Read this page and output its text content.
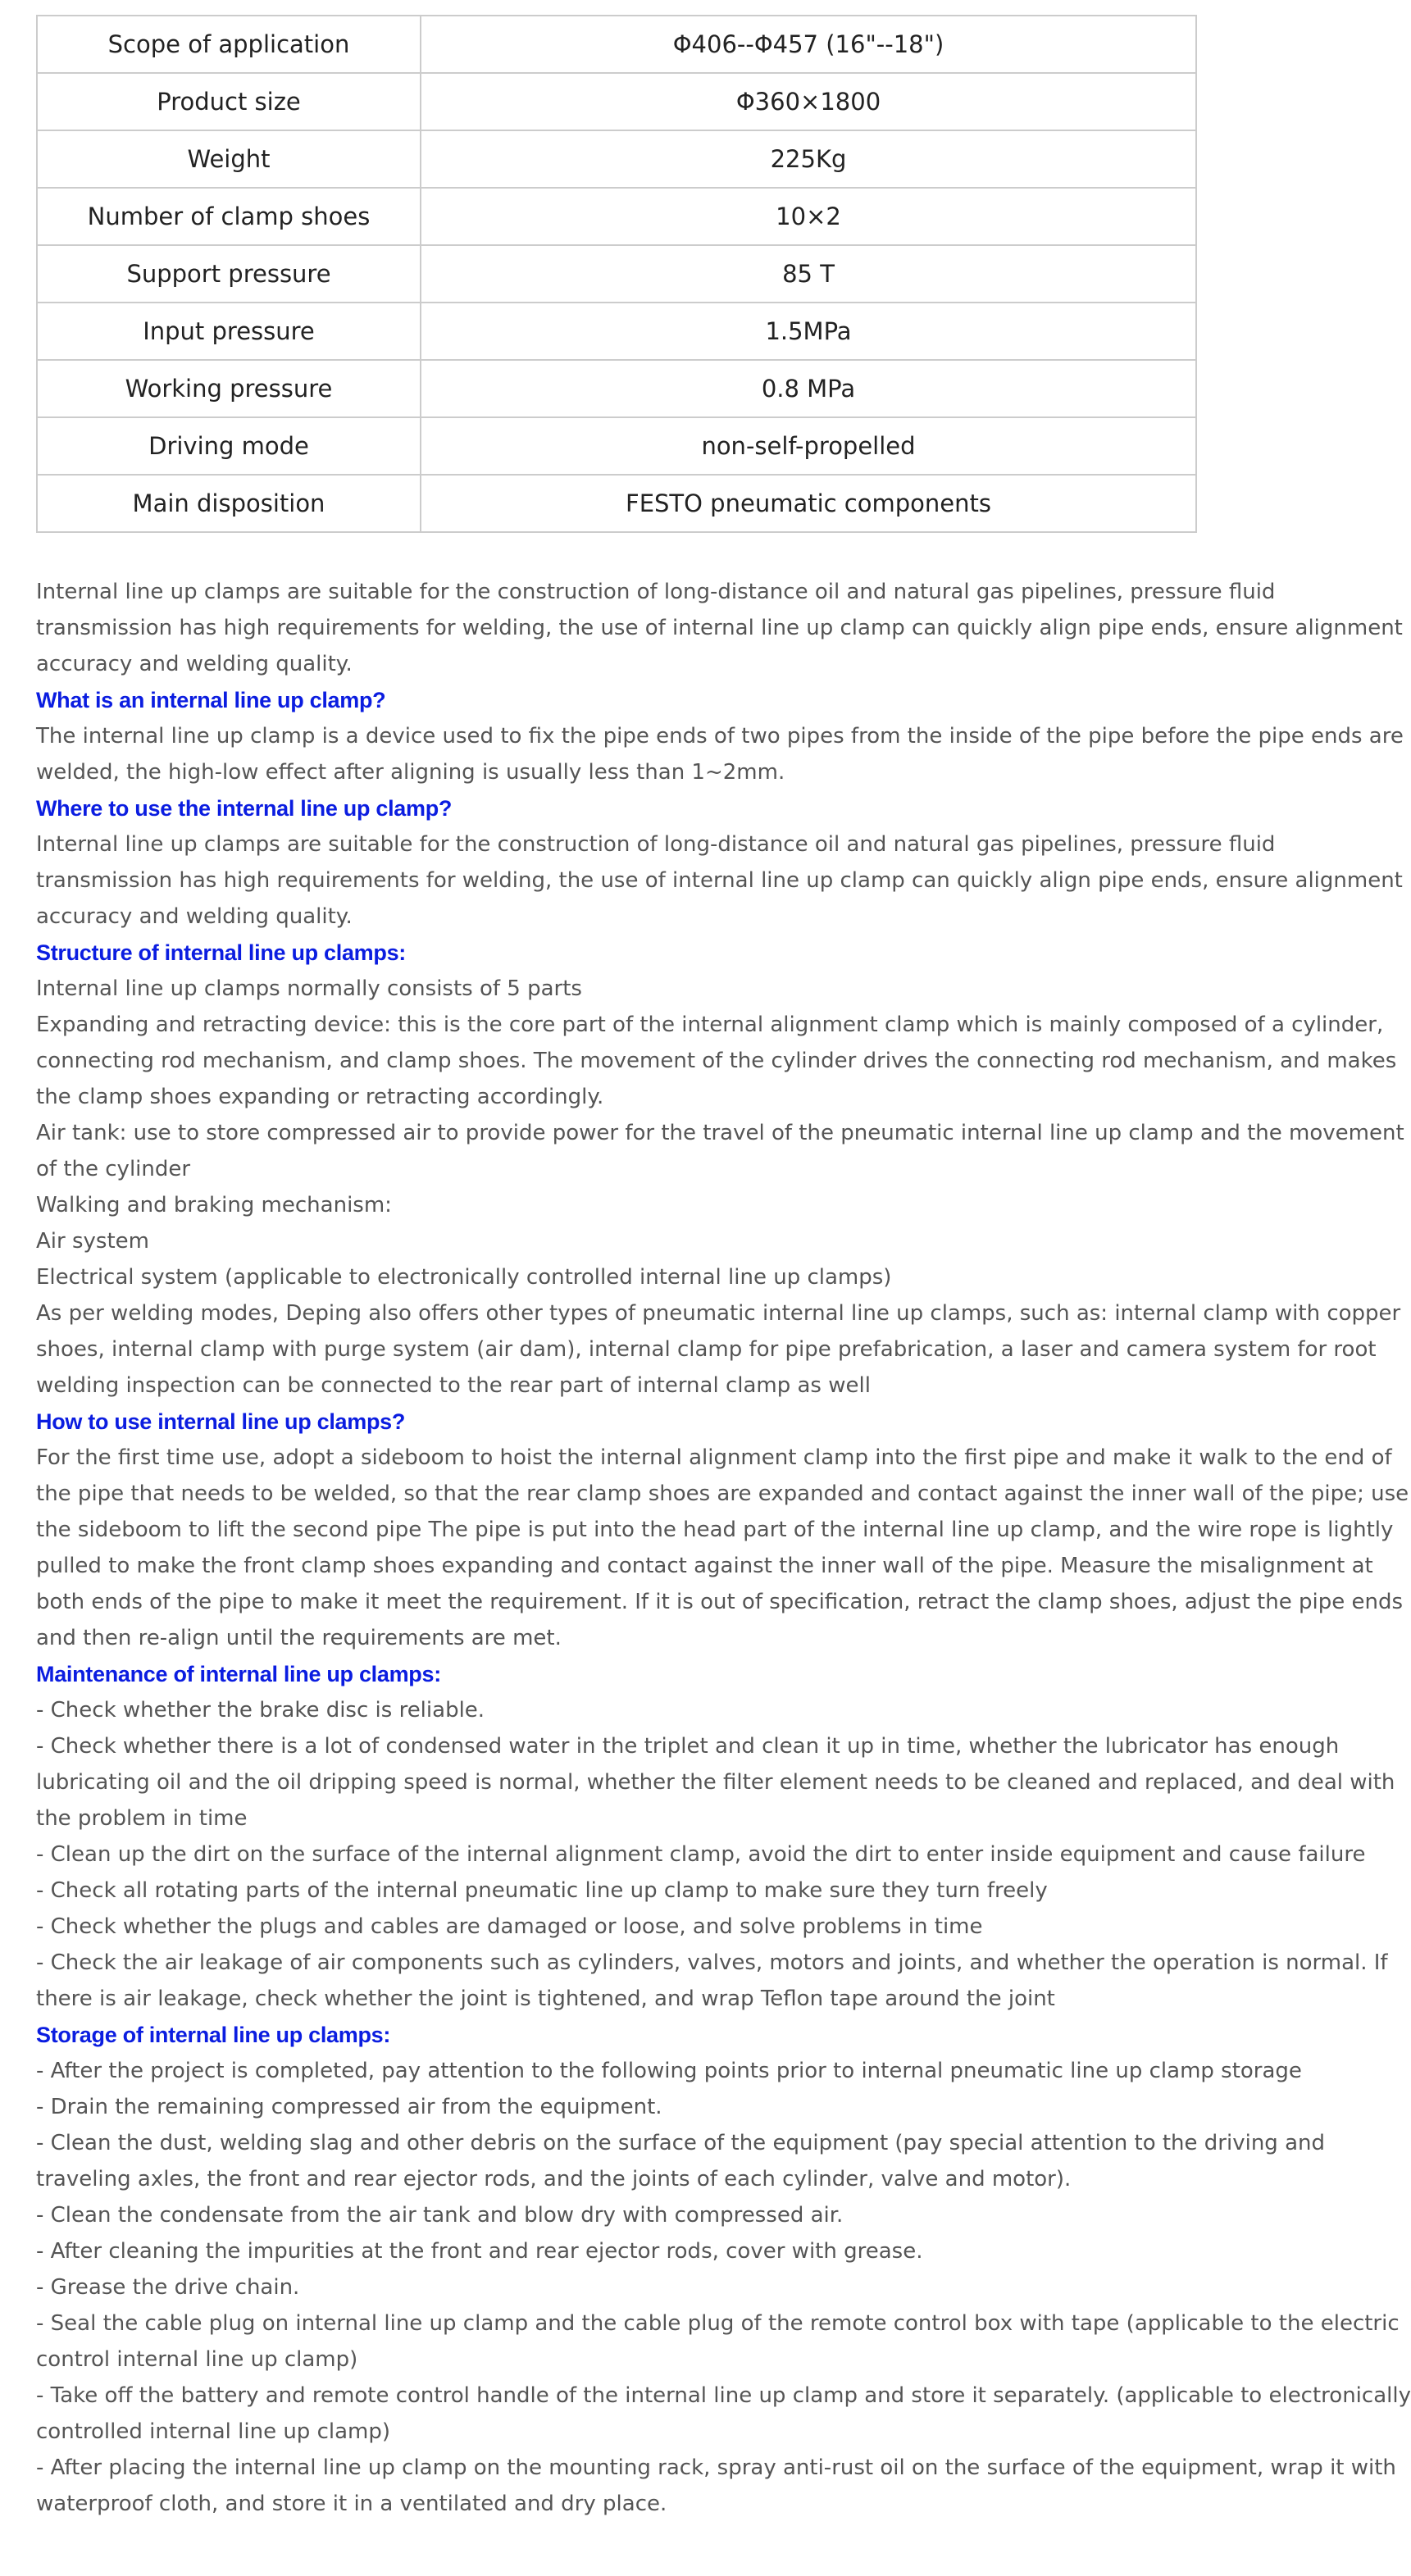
Scope of application	Φ406--Φ457 (16"--18")
Product size	Φ360×1800
Weight	225Kg
Number of clamp shoes	10×2
Support pressure	85 T
Input pressure	1.5MPa
Working pressure	0.8 MPa
Driving mode	non-self-propelled
Main disposition	FESTO pneumatic components
Internal line up clamps are suitable for the construction of long-distance oil and natural gas pipelines, pressure fluid
transmission has high requirements for welding, the use of internal line up clamp can quickly align pipe ends, ensure alignment
accuracy and welding quality.
What is an internal line up clamp?
The internal line up clamp is a device used to fix the pipe ends of two pipes from the inside of the pipe before the pipe ends are
welded, the high-low effect after aligning is usually less than 1~2mm.
Where to use the internal line up clamp?
Internal line up clamps are suitable for the construction of long-distance oil and natural gas pipelines, pressure fluid
transmission has high requirements for welding, the use of internal line up clamp can quickly align pipe ends, ensure alignment
accuracy and welding quality.
Structure of internal line up clamps:
Internal line up clamps normally consists of 5 parts
Expanding and retracting device: this is the core part of the internal alignment clamp which is mainly composed of a cylinder,
connecting rod mechanism, and clamp shoes. The movement of the cylinder drives the connecting rod mechanism, and makes
the clamp shoes expanding or retracting accordingly.
Air tank: use to store compressed air to provide power for the travel of the pneumatic internal line up clamp and the movement
of the cylinder
Walking and braking mechanism:
Air system
Electrical system (applicable to electronically controlled internal line up clamps)
As per welding modes, Deping also offers other types of pneumatic internal line up clamps, such as: internal clamp with copper
shoes, internal clamp with purge system (air dam), internal clamp for pipe prefabrication, a laser and camera system for root
welding inspection can be connected to the rear part of internal clamp as well
How to use internal line up clamps?
For the first time use, adopt a sideboom to hoist the internal alignment clamp into the first pipe and make it walk to the end of
the pipe that needs to be welded, so that the rear clamp shoes are expanded and contact against the inner wall of the pipe; use
the sideboom to lift the second pipe The pipe is put into the head part of the internal line up clamp, and the wire rope is lightly
pulled to make the front clamp shoes expanding and contact against the inner wall of the pipe. Measure the misalignment at
both ends of the pipe to make it meet the requirement. If it is out of specification, retract the clamp shoes, adjust the pipe ends
and then re-align until the requirements are met.
Maintenance of internal line up clamps:
- Check whether the brake disc is reliable.
- Check whether there is a lot of condensed water in the triplet and clean it up in time, whether the lubricator has enough
lubricating oil and the oil dripping speed is normal, whether the filter element needs to be cleaned and replaced, and deal with
the problem in time
- Clean up the dirt on the surface of the internal alignment clamp, avoid the dirt to enter inside equipment and cause failure
- Check all rotating parts of the internal pneumatic line up clamp to make sure they turn freely
- Check whether the plugs and cables are damaged or loose, and solve problems in time
- Check the air leakage of air components such as cylinders, valves, motors and joints, and whether the operation is normal. If
there is air leakage, check whether the joint is tightened, and wrap Teflon tape around the joint
Storage of internal line up clamps:
- After the project is completed, pay attention to the following points prior to internal pneumatic line up clamp storage
- Drain the remaining compressed air from the equipment.
- Clean the dust, welding slag and other debris on the surface of the equipment (pay special attention to the driving and
traveling axles, the front and rear ejector rods, and the joints of each cylinder, valve and motor).
- Clean the condensate from the air tank and blow dry with compressed air.
- After cleaning the impurities at the front and rear ejector rods, cover with grease.
- Grease the drive chain.
- Seal the cable plug on internal line up clamp and the cable plug of the remote control box with tape (applicable to the electric
control internal line up clamp)
- Take off the battery and remote control handle of the internal line up clamp and store it separately. (applicable to electronically
controlled internal line up clamp)
- After placing the internal line up clamp on the mounting rack, spray anti-rust oil on the surface of the equipment, wrap it with
waterproof cloth, and store it in a ventilated and dry place.
